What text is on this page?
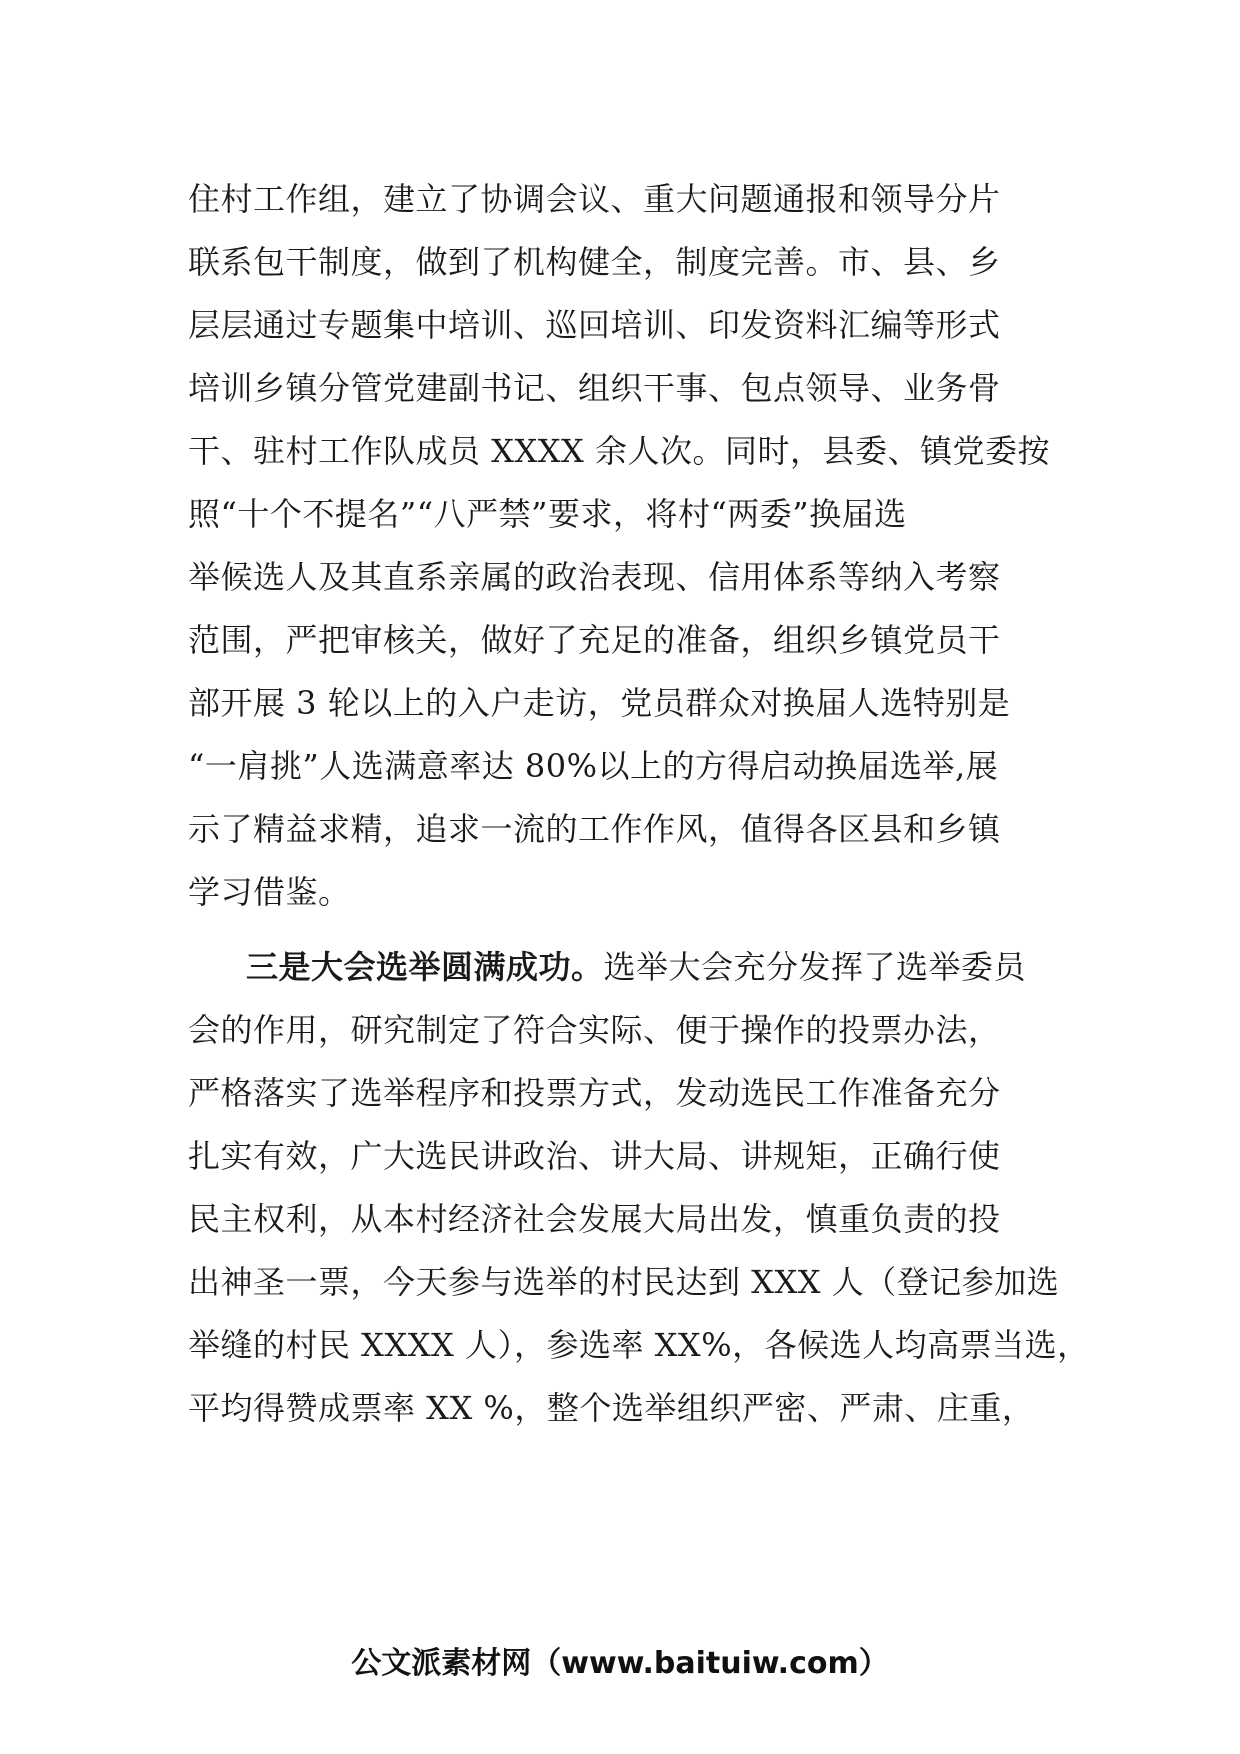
住村工作组，建立了协调会议、重大问题通报和领导分片
联系包干制度，做到了机构健全，制度完善。市、县、乡
层层通过专题集中培训、巡回培训、印发资料汇编等形式
培训乡镇分管党建副书记、组织干事、包点领导、业务骨
干、驻村工作队成员 XXXX 余人次。同时，县委、镇党委按
照“十个不提名”“八严禁”要求，将村“两委”换届选
举候选人及其直系亲属的政治表现、信用体系等纳入考察
范围，严把审核关，做好了充足的准备，组织乡镇党员干
部开展 3 轮以上的入户走访，党员群众对换届人选特别是
“一肩挑”人选满意率达 80%以上的方得启动换届选举,展
示了精益求精，追求一流的工作作风，值得各区县和乡镇
学习借鉴。
三是大会选举圆满成功。选举大会充分发挥了选举委员
会的作用，研究制定了符合实际、便于操作的投票办法，
严格落实了选举程序和投票方式，发动选民工作准备充分
扎实有效，广大选民讲政治、讲大局、讲规矩，正确行使
民主权利，从本村经济社会发展大局出发，慎重负责的投
出神圣一票，今天参与选举的村民达到 XXX 人（登记参加选
举缝的村民 XXXX 人），参选率 XX%，各候选人均高票当选，
平均得赞成票率 XX %，整个选举组织严密、严肃、庄重，
公文派素材网（www.baituiw.com）
